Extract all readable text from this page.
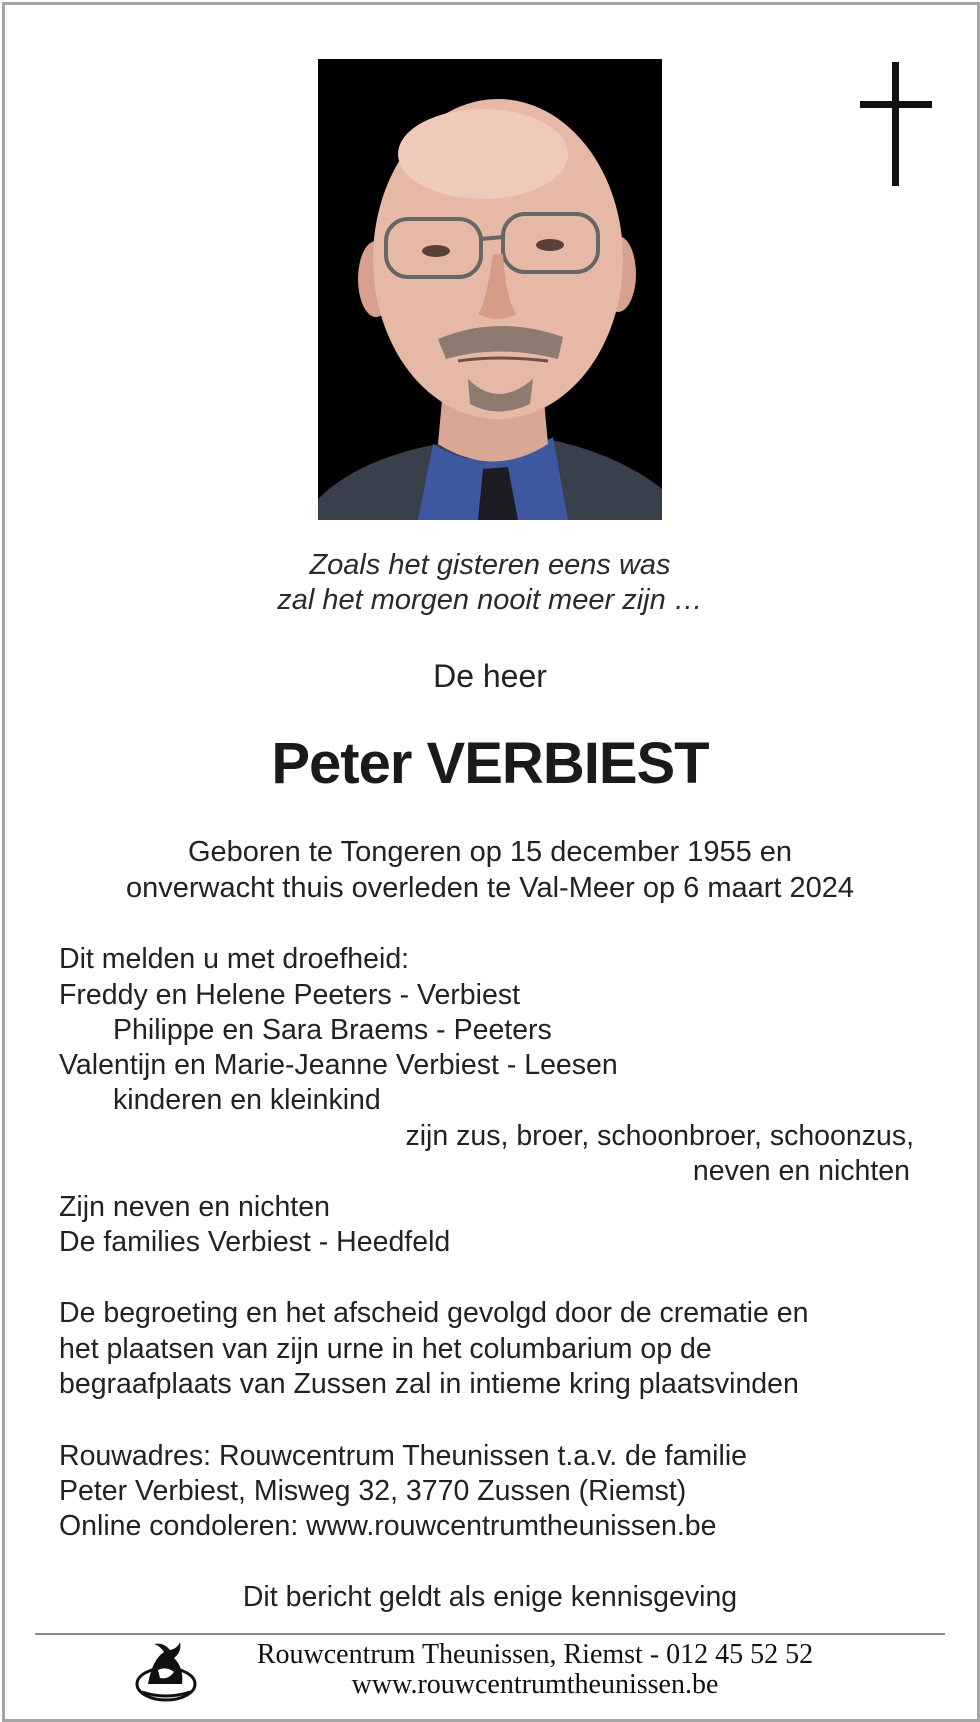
Zoals het gisteren eens was
zal het morgen nooit meer zijn …
De heer
Peter VERBIEST
Geboren te Tongeren op 15 december 1955 en
onverwacht thuis overleden te Val-Meer op 6 maart 2024
Dit melden u met droefheid:
Freddy en Helene Peeters - Verbiest
Philippe en Sara Braems - Peeters
Valentijn en Marie-Jeanne Verbiest - Leesen
kinderen en kleinkind
zijn zus, broer, schoonbroer, schoonzus,
neven en nichten
Zijn neven en nichten
De families Verbiest - Heedfeld
De begroeting en het afscheid gevolgd door de crematie en
het plaatsen van zijn urne in het columbarium op de
begraafplaats van Zussen zal in intieme kring plaatsvinden
Rouwadres: Rouwcentrum Theunissen t.a.v. de familie
Peter Verbiest, Misweg 32, 3770 Zussen (Riemst)
Online condoleren: www.rouwcentrumtheunissen.be
Dit bericht geldt als enige kennisgeving
Rouwcentrum Theunissen, Riemst - 012 45 52 52
www.rouwcentrumtheunissen.be
